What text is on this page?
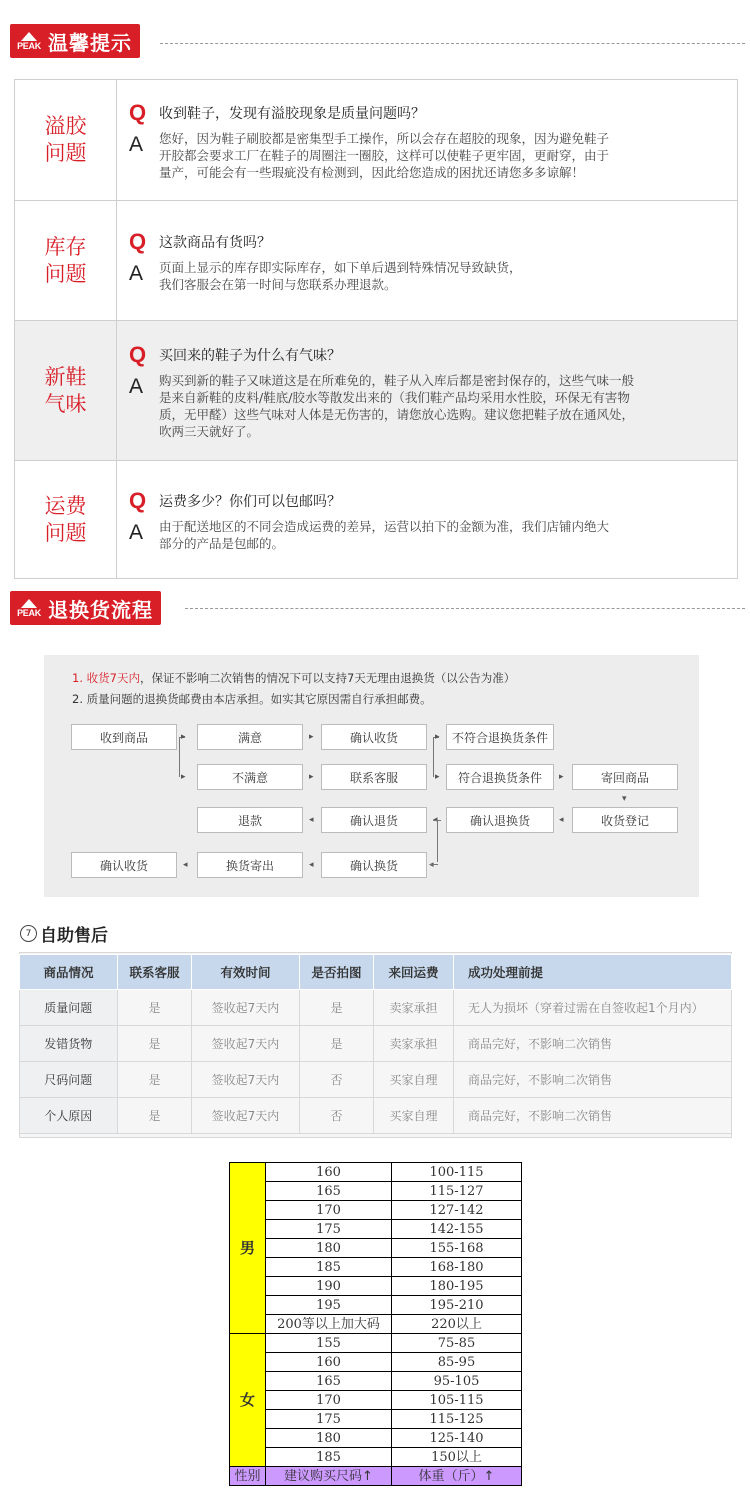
PEAK 温馨提示
溢胶
问题
Q 收到鞋子，发现有溢胶现象是质量问题吗？
A	您好，因为鞋子刷胶都是密集型手工操作，所以会存在超胶的现象，因为避免鞋子
开胶都会要求工厂在鞋子的周圈注一圈胶，这样可以使鞋子更牢固，更耐穿，由于
量产，可能会有一些瑕疵没有检测到，因此给您造成的困扰还请您多多谅解！
库存
问题
Q 这款商品有货吗？
A	页面上显示的库存即实际库存，如下单后遇到特殊情况导致缺货，
我们客服会在第一时间与您联系办理退款。
新鞋
气味
Q 买回来的鞋子为什么有气味？
A	购买到新的鞋子又味道这是在所难免的，鞋子从入库后都是密封保存的，这些气味一般
是来自新鞋的皮料/鞋底/胶水等散发出来的（我们鞋产品均采用水性胶，环保无有害物
质，无甲醛）这些气味对人体是无伤害的，请您放心选购。建议您把鞋子放在通风处，
吹两三天就好了。
运费
问题
Q 运费多少？你们可以包邮吗？
A	由于配送地区的不同会造成运费的差异，运营以拍下的金额为准，我们店铺内绝大
部分的产品是包邮的。
PEAK 退换货流程
1. 收货7天内，保证不影响二次销售的情况下可以支持7天无理由退换货（以公告为准）
2. 质量问题的退换货邮费由本店承担。如实其它原因需自行承担邮费。
收到商品	▸
▸
满意	▸	确认收货	▸
▸
不符合退换货条件
不满意	▸	联系客服	符合退换货条件	▸	寄回商品
▾
退款	◂	确认退货	◂	确认退换货	◂	收货登记
确认收货	◂	换货寄出	◂	确认换货	◂
7 自助售后
商品情况	联系客服	有效时间	是否拍图	来回运费	成功处理前提
质量问题	是	签收起7天内	是	卖家承担	无人为损坏（穿着过需在自签收起1个月内）
发错货物	是	签收起7天内	是	卖家承担	商品完好，不影响二次销售
尺码问题	是	签收起7天内	否	买家自理	商品完好，不影响二次销售
个人原因	是	签收起7天内	否	买家自理	商品完好，不影响二次销售
男	160	100-115
	165	115-127
	170	127-142
	175	142-155
	180	155-168
	185	168-180
	190	180-195
	195	195-210
	200等以上加大码	220以上
女	155	75-85
	160	85-95
	165	95-105
	170	105-115
	175	115-125
	180	125-140
	185	150以上
性别	建议购买尺码↑	体重（斤）↑
